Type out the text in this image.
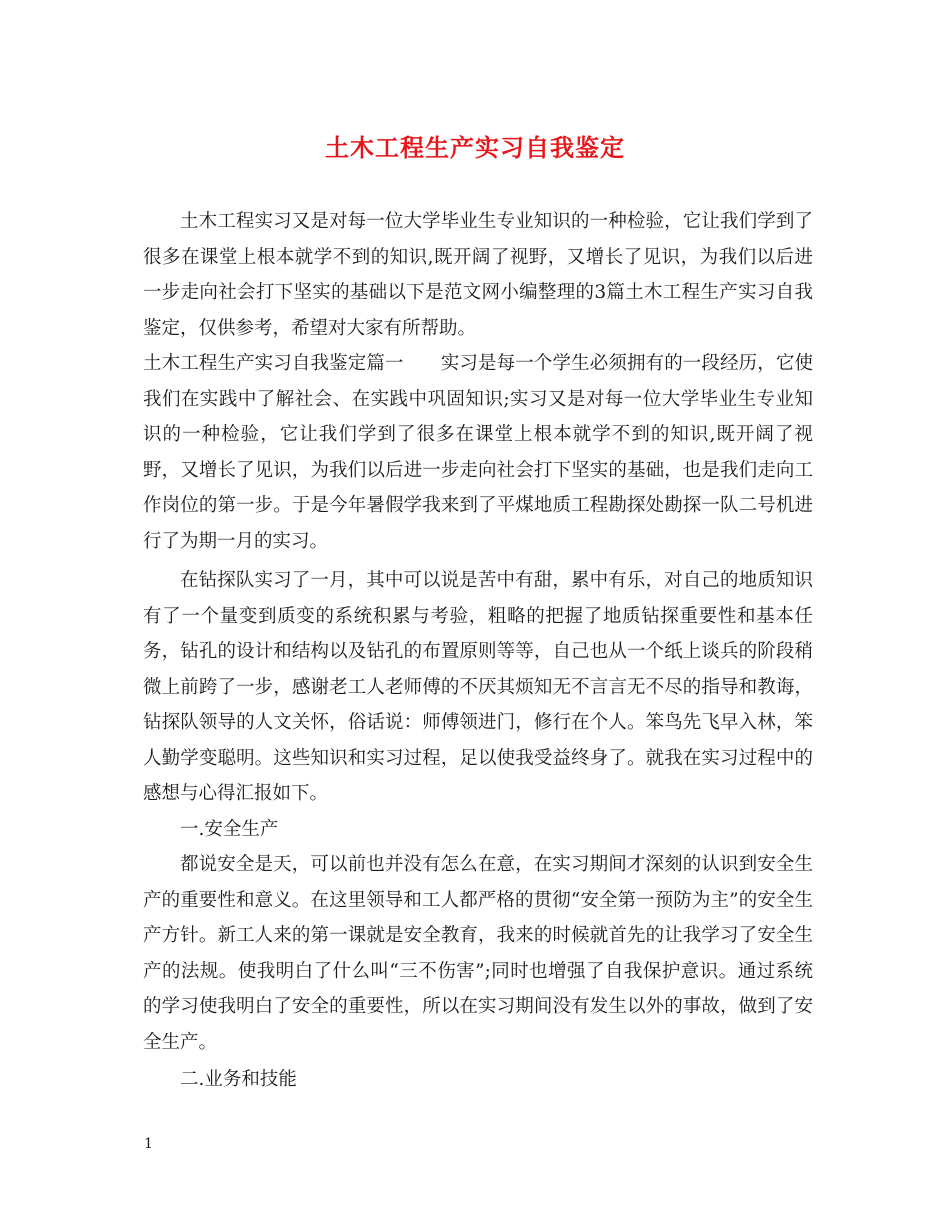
土木工程生产实习自我鉴定

土木工程实习又是对每一位大学毕业生专业知识的一种检验，它让我们学到了很多在课堂上根本就学不到的知识,既开阔了视野，又增长了见识，为我们以后进一步走向社会打下坚实的基础以下是范文网小编整理的3篇土木工程生产实习自我鉴定，仅供参考，希望对大家有所帮助。

土木工程生产实习自我鉴定篇一　　实习是每一个学生必须拥有的一段经历，它使我们在实践中了解社会、在实践中巩固知识;实习又是对每一位大学毕业生专业知识的一种检验，它让我们学到了很多在课堂上根本就学不到的知识,既开阔了视野，又增长了见识，为我们以后进一步走向社会打下坚实的基础，也是我们走向工作岗位的第一步。于是今年暑假学我来到了平煤地质工程勘探处勘探一队二号机进行了为期一月的实习。

在钻探队实习了一月，其中可以说是苦中有甜，累中有乐，对自己的地质知识有了一个量变到质变的系统积累与考验，粗略的把握了地质钻探重要性和基本任务，钻孔的设计和结构以及钻孔的布置原则等等，自己也从一个纸上谈兵的阶段稍微上前跨了一步，感谢老工人老师傅的不厌其烦知无不言言无不尽的指导和教诲，钻探队领导的人文关怀，俗话说：师傅领进门，修行在个人。笨鸟先飞早入林，笨人勤学变聪明。这些知识和实习过程，足以使我受益终身了。就我在实习过程中的感想与心得汇报如下。

一.安全生产

都说安全是天，可以前也并没有怎么在意，在实习期间才深刻的认识到安全生产的重要性和意义。在这里领导和工人都严格的贯彻“安全第一预防为主”的安全生产方针。新工人来的第一课就是安全教育，我来的时候就首先的让我学习了安全生产的法规。使我明白了什么叫“三不伤害”;同时也增强了自我保护意识。通过系统的学习使我明白了安全的重要性，所以在实习期间没有发生以外的事故，做到了安全生产。

二.业务和技能

1
